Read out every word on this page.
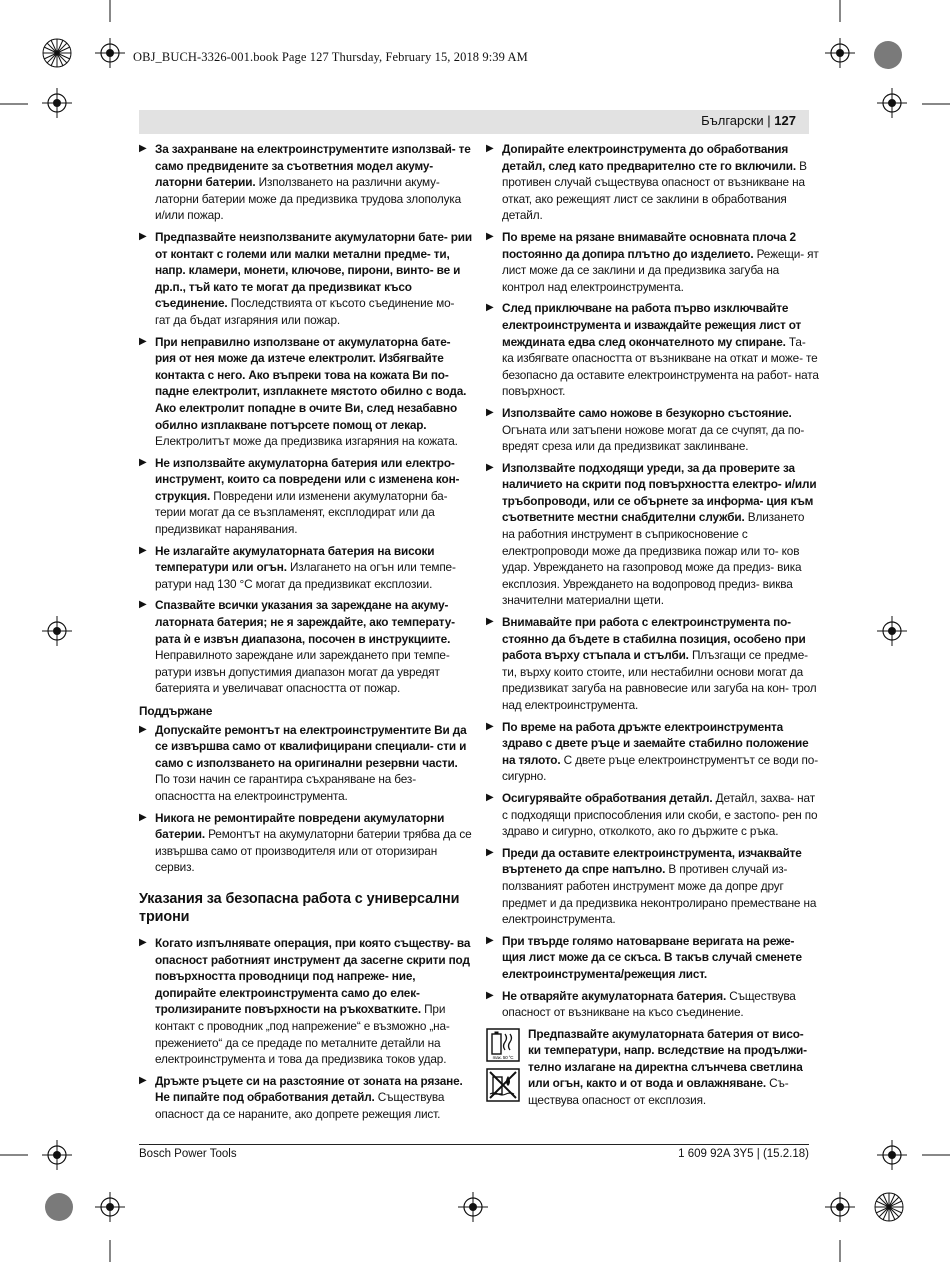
OBJ_BUCH-3326-001.book Page 127 Thursday, February 15, 2018 9:39 AM
Български | 127
▶ За захранване на електроинструментите използвай- те само предвидените за съответния модел акуму- латорни батерии. Използването на различни акуму- латорни батерии може да предизвика трудова злополука и/или пожар.
▶ Предпазвайте неизползваните акумулаторни бате- рии от контакт с големи или малки метални предме- ти, напр. кламери, монети, ключове, пирони, винто- ве и др.п., тъй като те могат да предизвикат късо съединение. Последствията от късото съединение мо- гат да бъдат изгаряния или пожар.
▶ При неправилно използване от акумулаторна бате- рия от нея може да изтече електролит. Избягвайте контакта с него. Ако въпреки това на кожата Ви по- падне електролит, изплакнете мястото обилно с вода. Ако електролит попадне в очите Ви, след незабавно обилно изплакване потърсете помощ от лекар. Електролитът може да предизвика изгаряния на кожата.
▶ Не използвайте акумулаторна батерия или електро- инструмент, които са повредени или с изменена кон- струкция. Повредени или изменени акумулаторни ба- терии могат да се възпламенят, експлодират или да предизвикат наранявания.
▶ Не излагайте акумулаторната батерия на високи температури или огън. Излагането на огън или темпе- ратури над 130 °C могат да предизвикат експлозии.
▶ Спазвайте всички указания за зареждане на акуму- латорната батерия; не я зареждайте, ако температу- рата ѝ е извън диапазона, посочен в инструкциите. Неправилното зареждане или зареждането при темпе- ратури извън допустимия диапазон могат да увредят батерията и увеличават опасността от пожар.
Поддържане
▶ Допускайте ремонтът на електроинструментите Ви да се извършва само от квалифицирани специали- сти и само с използването на оригинални резервни части. По този начин се гарантира съхраняване на без- опасността на електроинструмента.
▶ Никога не ремонтирайте повредени акумулаторни батерии. Ремонтът на акумулаторни батерии трябва да се извършва само от производителя или от оторизиран сервиз.
Указания за безопасна работа с универсални триони
▶ Когато изпълнявате операция, при която съществу- ва опасност работният инструмент да засегне скрити под повърхността проводници под напреже- ние, допирайте електроинструмента само до елек- тролизираните повърхности на ръкохватките. При контакт с проводник „под напрежение“ е възможно „на- прежението“ да се предаде по металните детайли на електроинструмента и това да предизвика токов удар.
▶ Дръжте ръцете си на разстояние от зоната на рязане. Не пипайте под обработвания детайл. Съществува опасност да се нараните, ако допрете режещия лист.
▶ Допирайте електроинструмента до обработвания детайл, след като предварително сте го включили. В противен случай съществува опасност от възникване на откат, ако режещият лист се заклини в обработвания детайл.
▶ По време на рязане внимавайте основната плоча 2 постоянно да допира плътно до изделието. Режещи- ят лист може да се заклини и да предизвика загуба на контрол над електроинструмента.
▶ След приключване на работа първо изключвайте електроинструмента и изваждайте режещия лист от междината едва след окончателното му спиране. Та- ка избягвате опасността от възникване на откат и може- те безопасно да оставите електроинструмента на работ- ната повърхност.
▶ Използвайте само ножове в безукорно състояние. Огъната или затъпени ножове могат да се счупят, да по- вредят среза или да предизвикат заклинване.
▶ Използвайте подходящи уреди, за да проверите за наличието на скрити под повърхността електро- и/или тръбопроводи, или се обърнете за информа- ция към съответните местни снабдителни служби. Влизането на работния инструмент в съприкосновение с електропроводи може да предизвика пожар или то- ков удар. Увреждането на газопровод може да предиз- вика експлозия. Увреждането на водопровод предиз- виква значителни материални щети.
▶ Внимавайте при работа с електроинструмента по- стоянно да бъдете в стабилна позиция, особено при работа върху стъпала и стълби. Плъзгащи се предме- ти, върху които стоите, или нестабилни основи могат да предизвикат загуба на равновесие или загуба на кон- трол над електроинструмента.
▶ По време на работа дръжте електроинструмента здраво с двете ръце и заемайте стабилно положение на тялото. С двете ръце електроинструментът се води по-сигурно.
▶ Осигурявайте обработвания детайл. Детайл, захва- нат с подходящи приспособления или скоби, е застопо- рен по здраво и сигурно, отколкото, ако го държите с ръка.
▶ Преди да оставите електроинструмента, изчаквайте въртенето да спре напълно. В противен случай из- ползваният работен инструмент може да допре друг предмет и да предизвика неконтролирано преместване на електроинструмента.
▶ При твърде голямо натоварване веригата на реже- щия лист може да се скъса. В такъв случай сменете електроинструмента/режещия лист.
▶ Не отваряйте акумулаторната батерия. Съществува опасност от възникване на късо съединение.
max. 50 °C

Предпазвайте акумулаторната батерия от висо- ки температури, напр. вследствие на продължи- телно излагане на директна слънчева светлина или огън, както и от вода и овлажняване. Съ- ществува опасност от експлозия.
Bosch Power Tools	1 609 92A 3Y5 | (15.2.18)
